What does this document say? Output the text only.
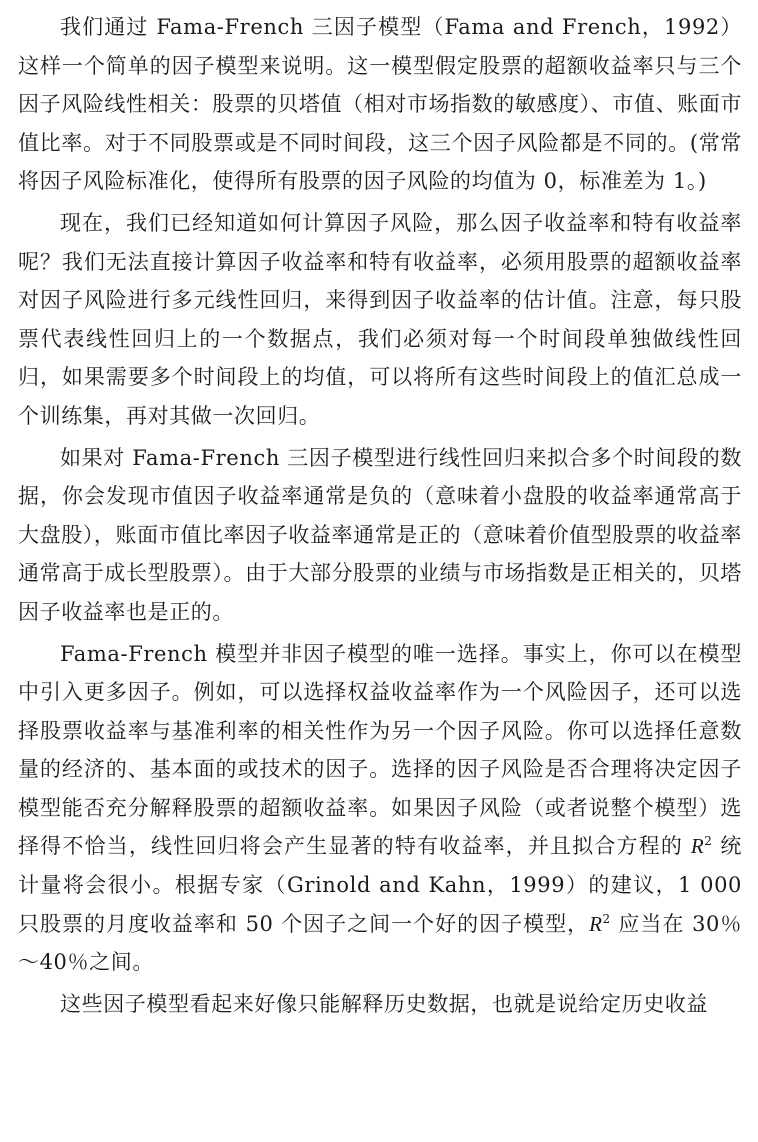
我们通过 Fama-French 三因子模型（Fama and French，1992）这样一个简单的因子模型来说明。这一模型假定股票的超额收益率只与三个因子风险线性相关：股票的贝塔值（相对市场指数的敏感度）、市值、账面市值比率。对于不同股票或是不同时间段，这三个因子风险都是不同的。(常常将因子风险标准化，使得所有股票的因子风险的均值为 0，标准差为 1。)

现在，我们已经知道如何计算因子风险，那么因子收益率和特有收益率呢？我们无法直接计算因子收益率和特有收益率，必须用股票的超额收益率对因子风险进行多元线性回归，来得到因子收益率的估计值。注意，每只股票代表线性回归上的一个数据点，我们必须对每一个时间段单独做线性回归，如果需要多个时间段上的均值，可以将所有这些时间段上的值汇总成一个训练集，再对其做一次回归。

如果对 Fama-French 三因子模型进行线性回归来拟合多个时间段的数据，你会发现市值因子收益率通常是负的（意味着小盘股的收益率通常高于大盘股），账面市值比率因子收益率通常是正的（意味着价值型股票的收益率通常高于成长型股票）。由于大部分股票的业绩与市场指数是正相关的，贝塔因子收益率也是正的。

Fama-French 模型并非因子模型的唯一选择。事实上，你可以在模型中引入更多因子。例如，可以选择权益收益率作为一个风险因子，还可以选择股票收益率与基准利率的相关性作为另一个因子风险。你可以选择任意数量的经济的、基本面的或技术的因子。选择的因子风险是否合理将决定因子模型能否充分解释股票的超额收益率。如果因子风险（或者说整个模型）选择得不恰当，线性回归将会产生显著的特有收益率，并且拟合方程的 $R^2$ 统计量将会很小。根据专家（Grinold and Kahn，1999）的建议，1 000 只股票的月度收益率和 50 个因子之间一个好的因子模型，$R^2$ 应当在 30％～40％之间。

这些因子模型看起来好像只能解释历史数据，也就是说给定历史收益
